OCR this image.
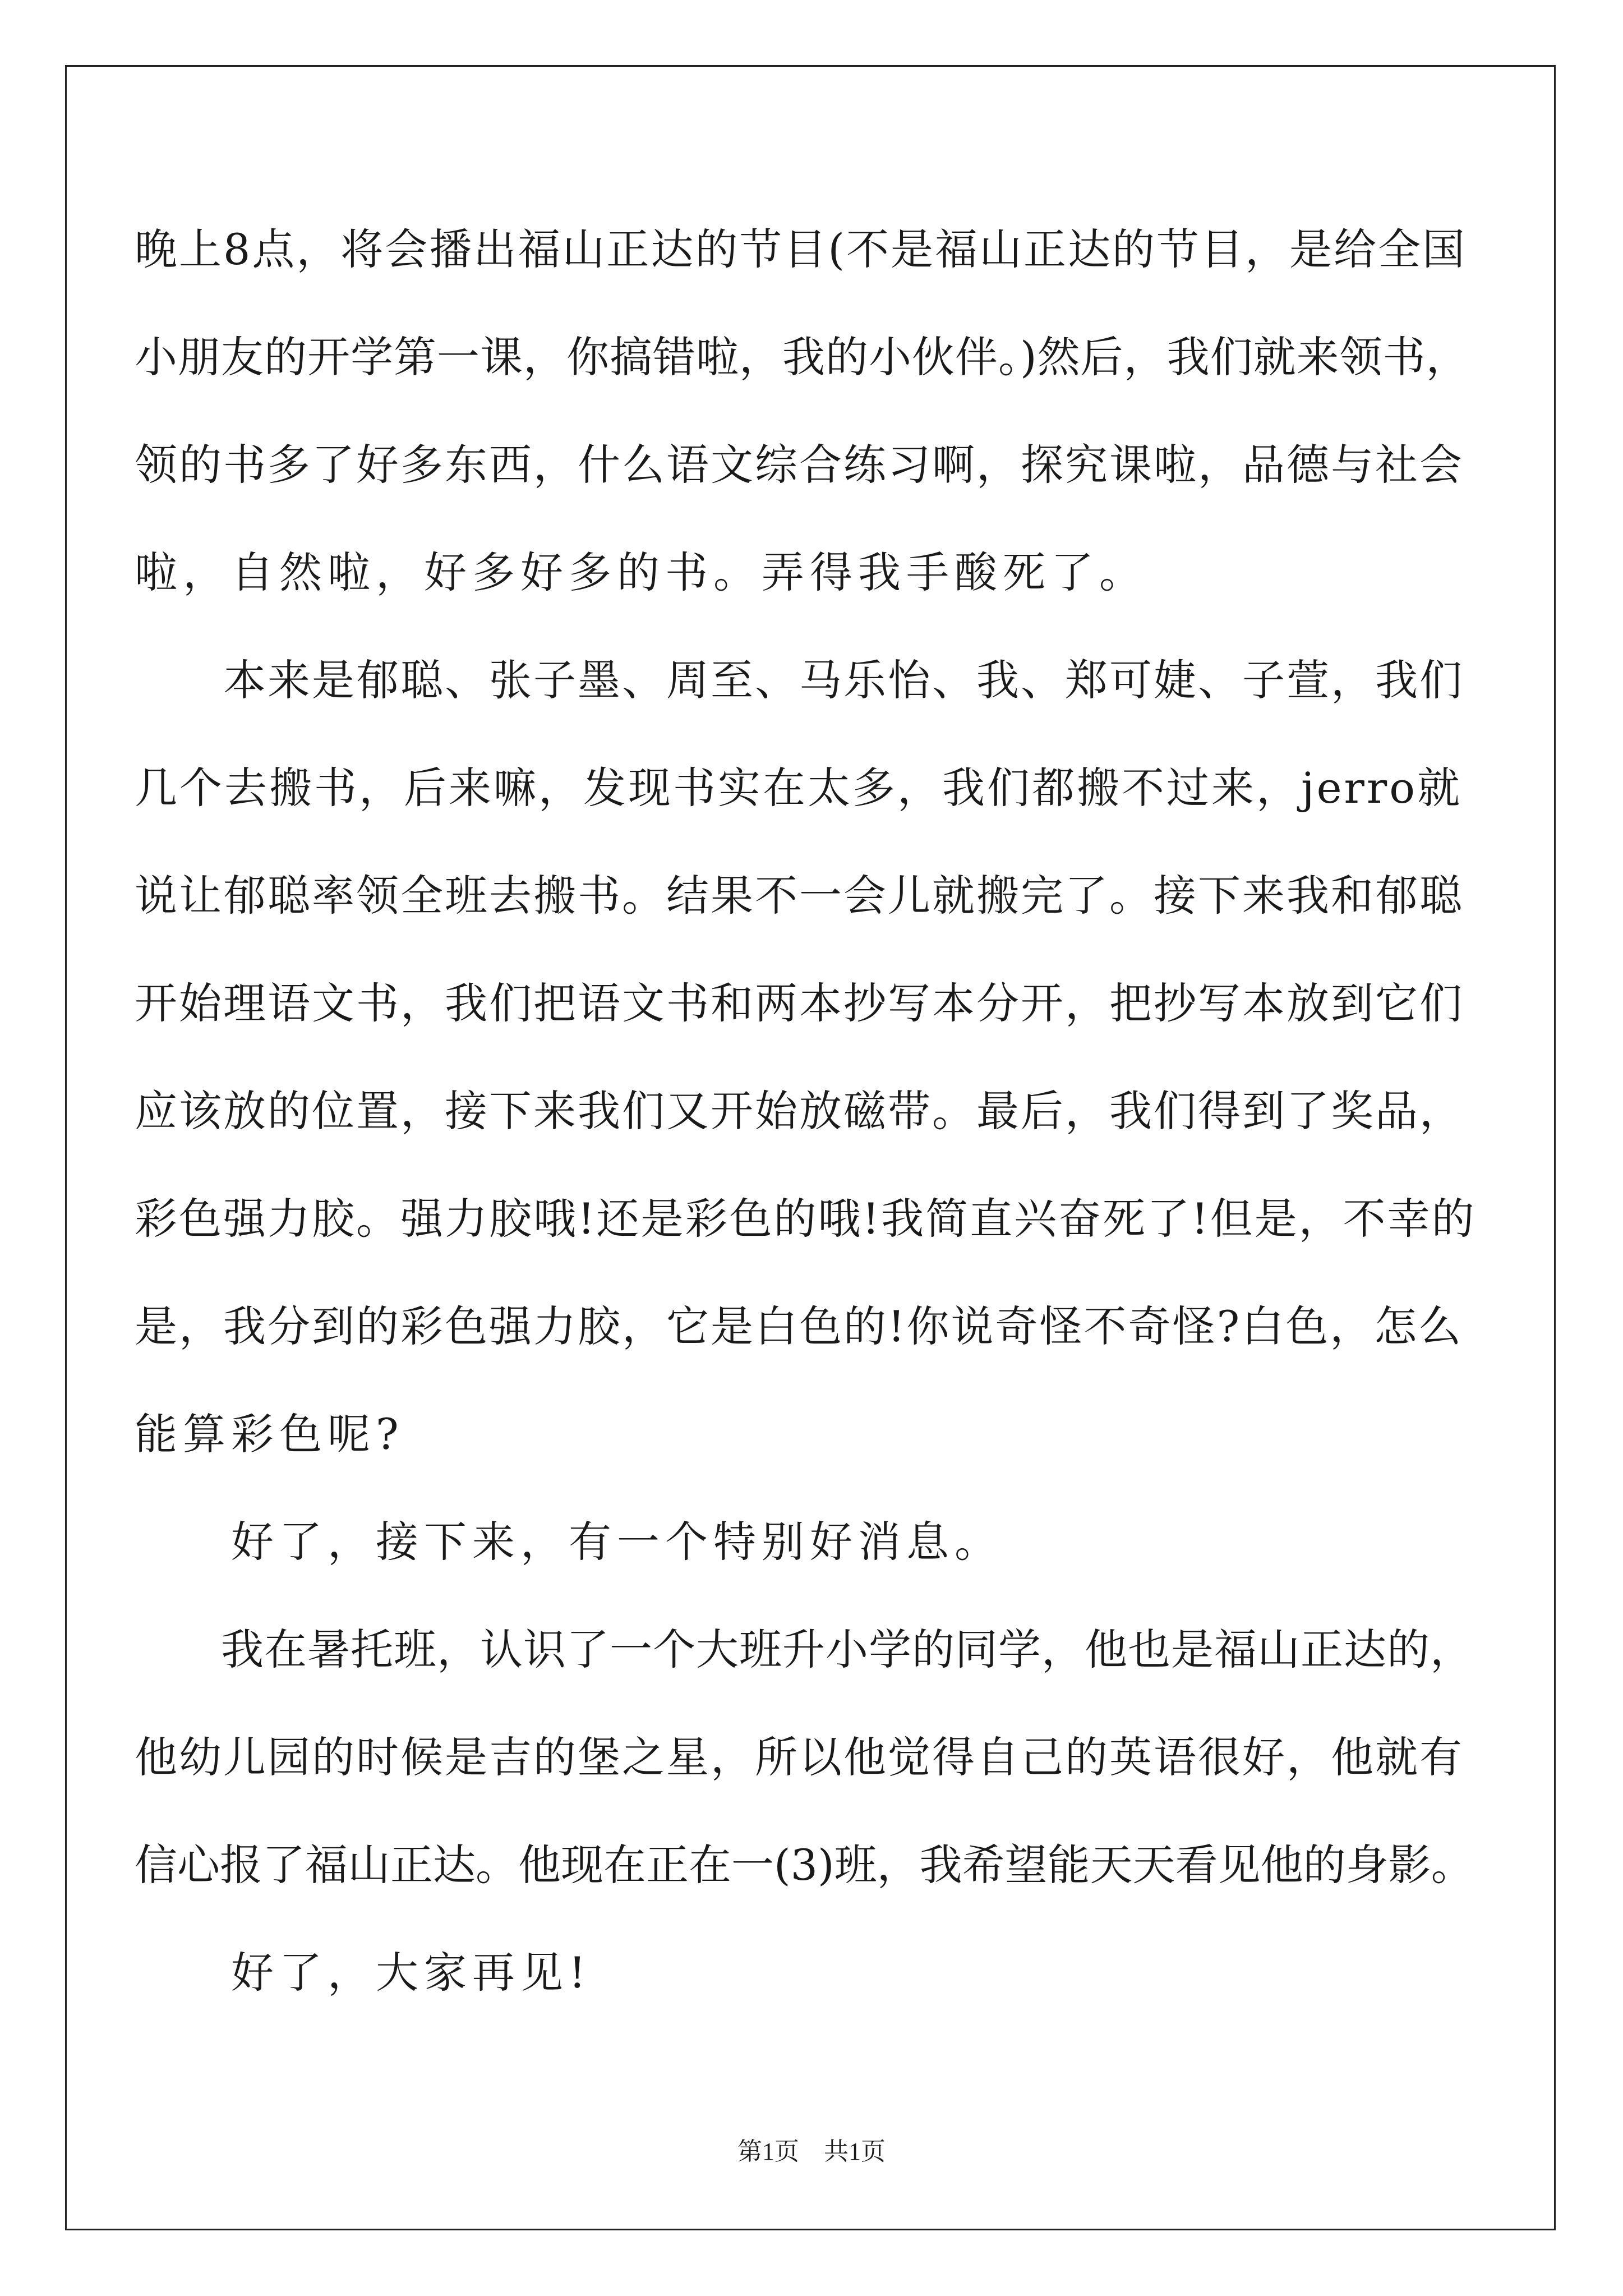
晚上8点，将会播出福山正达的节目(不是福山正达的节目，是给全国
小朋友的开学第一课，你搞错啦，我的小伙伴。)然后，我们就来领书，
领的书多了好多东西，什么语文综合练习啊，探究课啦，品德与社会
啦，自然啦，好多好多的书。弄得我手酸死了。
　　本来是郁聪、张子墨、周至、马乐怡、我、郑可婕、子萱，我们
几个去搬书，后来嘛，发现书实在太多，我们都搬不过来，jerro就
说让郁聪率领全班去搬书。结果不一会儿就搬完了。接下来我和郁聪
开始理语文书，我们把语文书和两本抄写本分开，把抄写本放到它们
应该放的位置，接下来我们又开始放磁带。最后，我们得到了奖品，
彩色强力胶。强力胶哦!还是彩色的哦!我简直兴奋死了!但是，不幸的
是，我分到的彩色强力胶，它是白色的!你说奇怪不奇怪?白色，怎么
能算彩色呢?
　　好了，接下来，有一个特别好消息。
　　我在暑托班，认识了一个大班升小学的同学，他也是福山正达的，
他幼儿园的时候是吉的堡之星，所以他觉得自己的英语很好，他就有
信心报了福山正达。他现在正在一(3)班，我希望能天天看见他的身影。
　　好了，大家再见!
第1页　共1页
